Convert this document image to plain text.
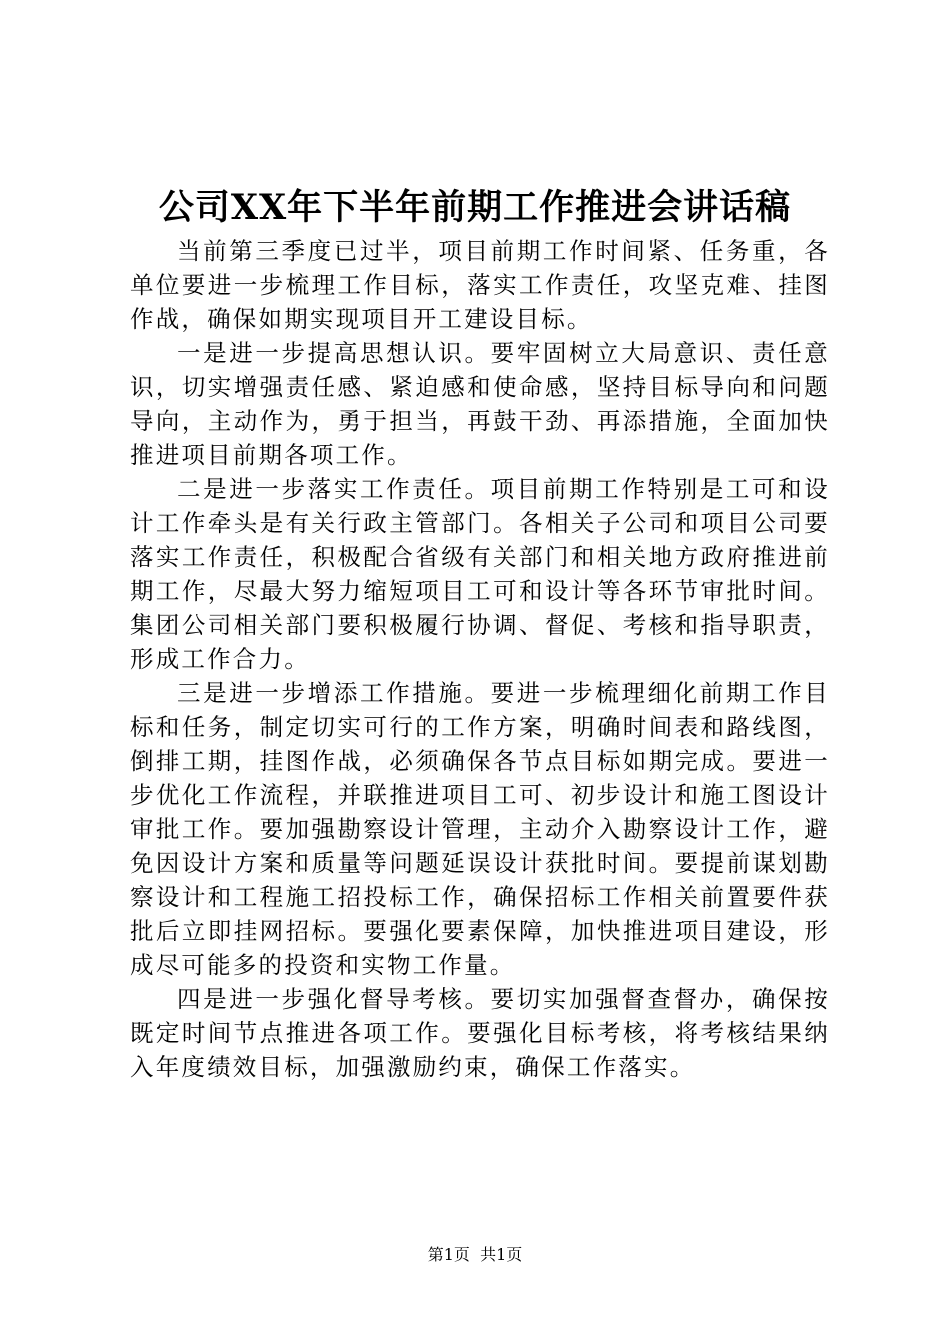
公司XX年下半年前期工作推进会讲话稿

当前第三季度已过半，项目前期工作时间紧、任务重，各单位要进一步梳理工作目标，落实工作责任，攻坚克难、挂图作战，确保如期实现项目开工建设目标。

一是进一步提高思想认识。要牢固树立大局意识、责任意识，切实增强责任感、紧迫感和使命感，坚持目标导向和问题导向，主动作为，勇于担当，再鼓干劲、再添措施，全面加快推进项目前期各项工作。

二是进一步落实工作责任。项目前期工作特别是工可和设计工作牵头是有关行政主管部门。各相关子公司和项目公司要落实工作责任，积极配合省级有关部门和相关地方政府推进前期工作，尽最大努力缩短项目工可和设计等各环节审批时间。集团公司相关部门要积极履行协调、督促、考核和指导职责，形成工作合力。

三是进一步增添工作措施。要进一步梳理细化前期工作目标和任务，制定切实可行的工作方案，明确时间表和路线图，倒排工期，挂图作战，必须确保各节点目标如期完成。要进一步优化工作流程，并联推进项目工可、初步设计和施工图设计审批工作。要加强勘察设计管理，主动介入勘察设计工作，避免因设计方案和质量等问题延误设计获批时间。要提前谋划勘察设计和工程施工招投标工作，确保招标工作相关前置要件获批后立即挂网招标。要强化要素保障，加快推进项目建设，形成尽可能多的投资和实物工作量。

四是进一步强化督导考核。要切实加强督查督办，确保按既定时间节点推进各项工作。要强化目标考核，将考核结果纳入年度绩效目标，加强激励约束，确保工作落实。

第1页 共1页
